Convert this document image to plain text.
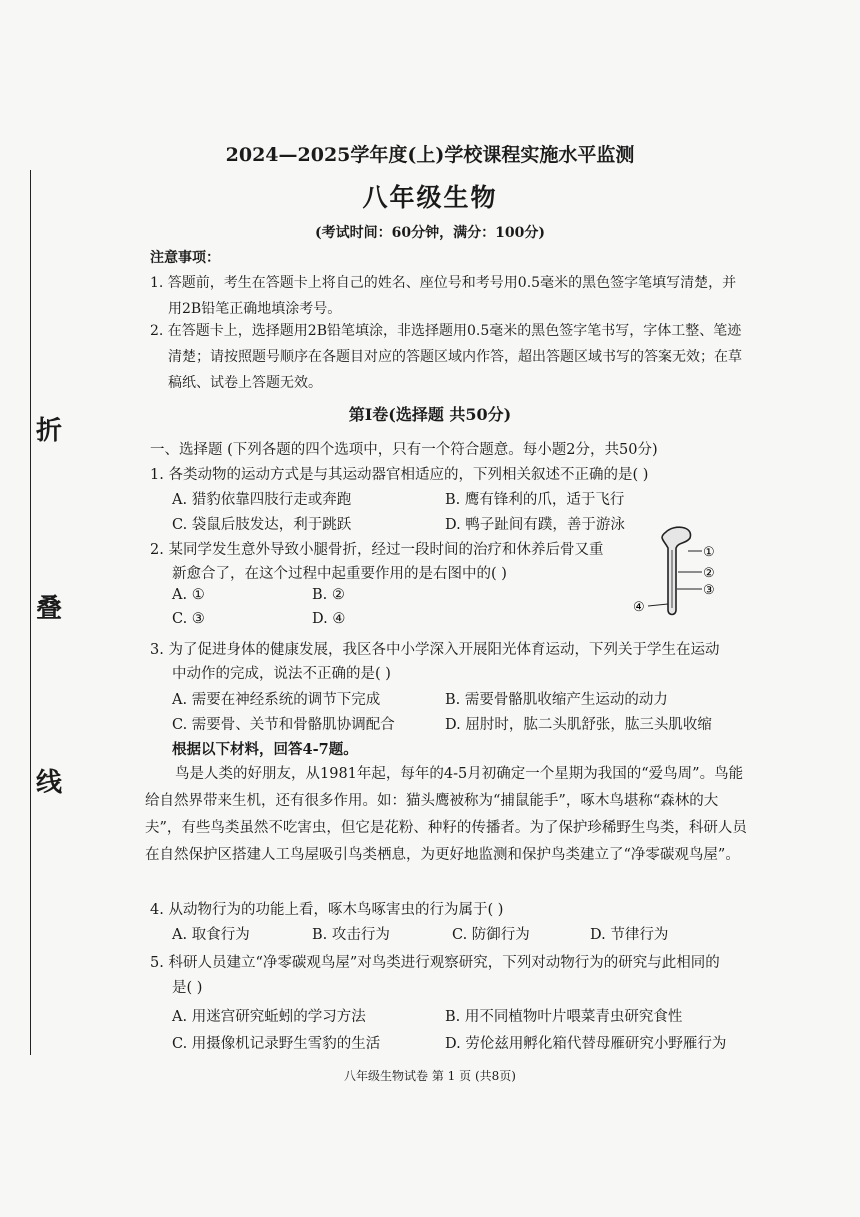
折
叠
线
2024—2025学年度(上)学校课程实施水平监测
八年级生物
(考试时间：60分钟，满分：100分)
注意事项：
1. 答题前，考生在答题卡上将自己的姓名、座位号和考号用0.5毫米的黑色签字笔填写清楚，并用2B铅笔正确地填涂考号。
2. 在答题卡上，选择题用2B铅笔填涂，非选择题用0.5毫米的黑色签字笔书写，字体工整、笔迹清楚；请按照题号顺序在各题目对应的答题区域内作答，超出答题区域书写的答案无效；在草稿纸、试卷上答题无效。
第Ⅰ卷(选择题 共50分)
一、选择题 (下列各题的四个选项中，只有一个符合题意。每小题2分，共50分)
1. 各类动物的运动方式是与其运动器官相适应的，下列相关叙述不正确的是( )
A. 猎豹依靠四肢行走或奔跑	B. 鹰有锋利的爪，适于飞行
C. 袋鼠后肢发达，利于跳跃	D. 鸭子趾间有蹼，善于游泳
2. 某同学发生意外导致小腿骨折，经过一段时间的治疗和休养后骨又重
新愈合了，在这个过程中起重要作用的是右图中的( )
A. ①	B. ②
C. ③	D. ④
①
②
③
④
3. 为了促进身体的健康发展，我区各中小学深入开展阳光体育运动，下列关于学生在运动
中动作的完成，说法不正确的是( )
A. 需要在神经系统的调节下完成	B. 需要骨骼肌收缩产生运动的动力
C. 需要骨、关节和骨骼肌协调配合	D. 屈肘时，肱二头肌舒张，肱三头肌收缩
根据以下材料，回答4-7题。
鸟是人类的好朋友，从1981年起，每年的4-5月初确定一个星期为我国的“爱鸟周”。鸟能给自然界带来生机，还有很多作用。如：猫头鹰被称为“捕鼠能手”，啄木鸟堪称“森林的大夫”，有些鸟类虽然不吃害虫，但它是花粉、种籽的传播者。为了保护珍稀野生鸟类，科研人员在自然保护区搭建人工鸟屋吸引鸟类栖息，为更好地监测和保护鸟类建立了“净零碳观鸟屋”。
4. 从动物行为的功能上看，啄木鸟啄害虫的行为属于( )
A. 取食行为	B. 攻击行为	C. 防御行为	D. 节律行为
5. 科研人员建立“净零碳观鸟屋”对鸟类进行观察研究，下列对动物行为的研究与此相同的
是( )
A. 用迷宫研究蚯蚓的学习方法	B. 用不同植物叶片喂菜青虫研究食性
C. 用摄像机记录野生雪豹的生活	D. 劳伦兹用孵化箱代替母雁研究小野雁行为
八年级生物试卷 第 1 页 (共8页)
